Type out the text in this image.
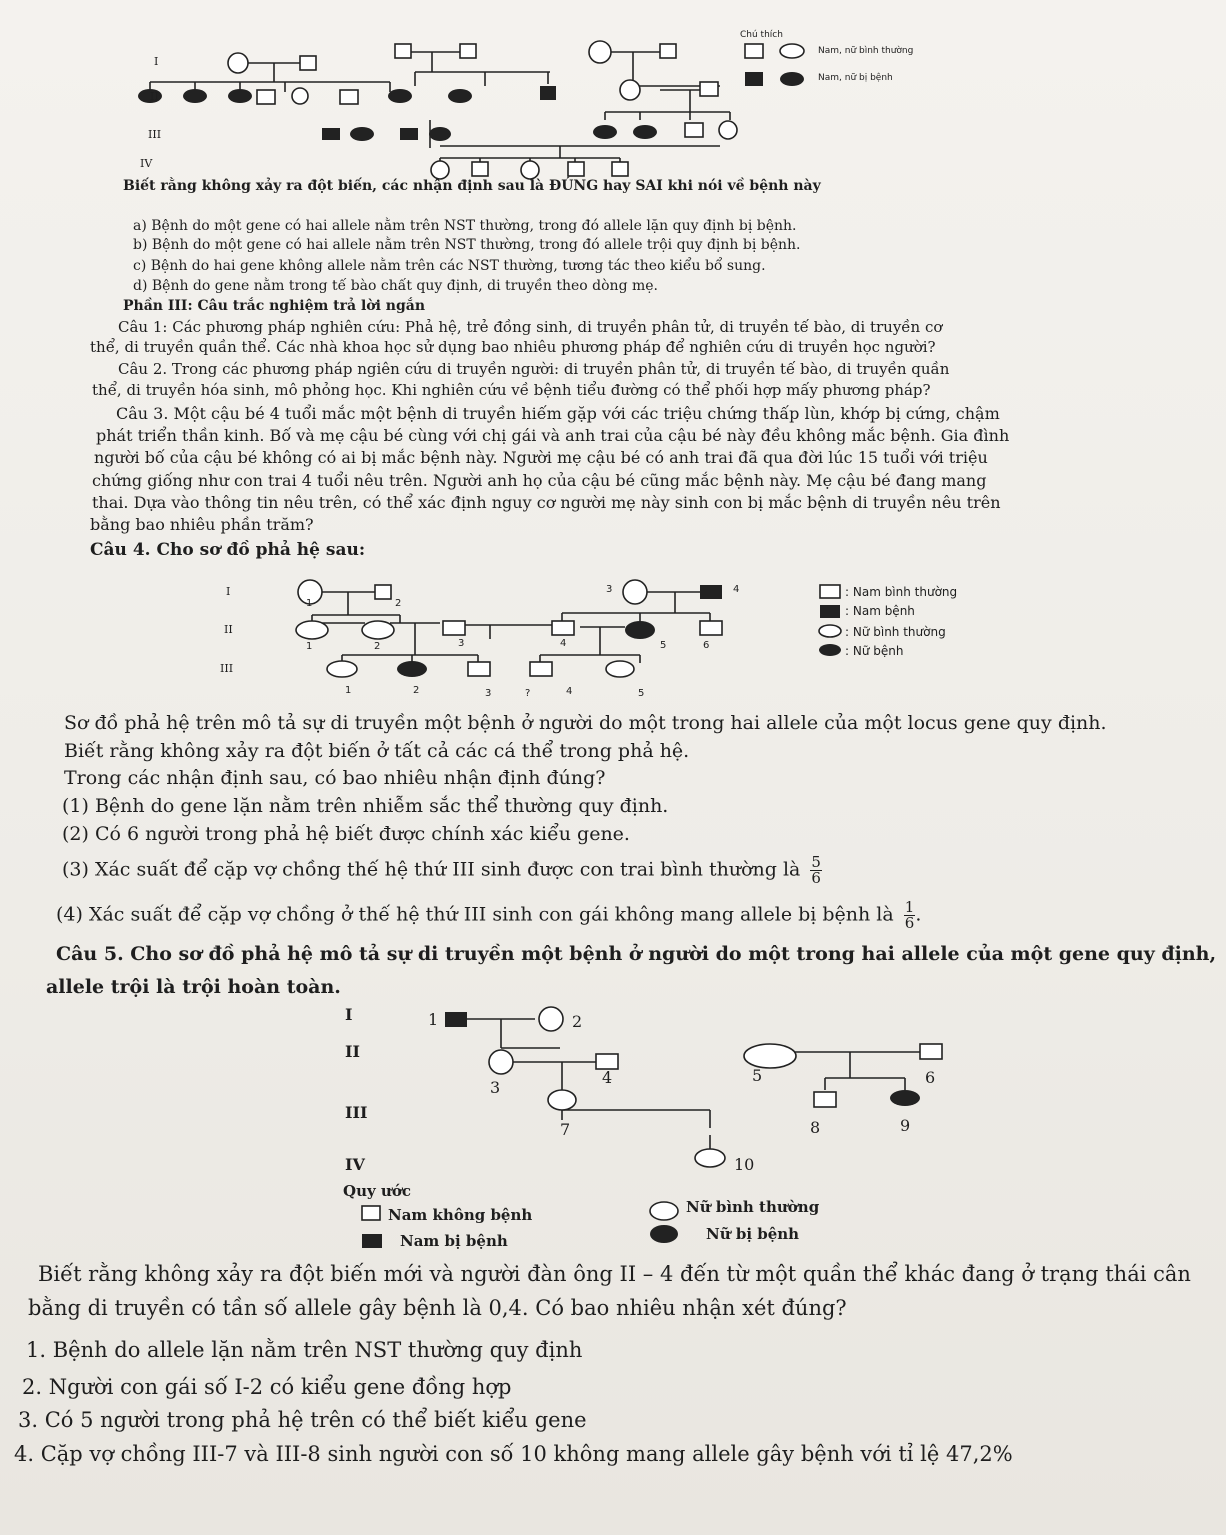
Chú thích
Nam, nữ bình thường
Nam, nữ bị bệnh
I
II
III
IV
Biết rằng không xảy ra đột biến, các nhận định sau là ĐÚNG hay SAI khi nói về bệnh này
a) Bệnh do một gene có hai allele nằm trên NST thường, trong đó allele lặn quy định bị bệnh.
b) Bệnh do một gene có hai allele nằm trên NST thường, trong đó allele trội quy định bị bệnh.
c) Bệnh do hai gene không allele nằm trên các NST thường, tương tác theo kiểu bổ sung.
d) Bệnh do gene nằm trong tế bào chất quy định, di truyền theo dòng mẹ.
Phần III: Câu trắc nghiệm trả lời ngắn
Câu 1: Các phương pháp nghiên cứu: Phả hệ, trẻ đồng sinh, di truyền phân tử, di truyền tế bào, di truyền cơ
thể, di truyền quần thể. Các nhà khoa học sử dụng bao nhiêu phương pháp để nghiên cứu di truyền học người?
Câu 2. Trong các phương pháp ngiên cứu di truyền người: di truyền phân tử, di truyền tế bào, di truyền quần
thể, di truyền hóa sinh, mô phỏng học. Khi nghiên cứu về bệnh tiểu đường có thể phối hợp mấy phương pháp?
Câu 3. Một cậu bé 4 tuổi mắc một bệnh di truyền hiếm gặp với các triệu chứng thấp lùn, khớp bị cứng, chậm
phát triển thần kinh. Bố và mẹ cậu bé cùng với chị gái và anh trai của cậu bé này đều không mắc bệnh. Gia đình
người bố của cậu bé không có ai bị mắc bệnh này. Người mẹ cậu bé có anh trai đã qua đời lúc 15 tuổi với triệu
chứng giống như con trai 4 tuổi nêu trên. Người anh họ của cậu bé cũng mắc bệnh này. Mẹ cậu bé đang mang
thai. Dựa vào thông tin nêu trên, có thể xác định nguy cơ người mẹ này sinh con bị mắc bệnh di truyền nêu trên
bằng bao nhiêu phần trăm?
Câu 4. Cho sơ đồ phả hệ sau:
I
II
III
: Nam bình thường
: Nam bệnh
: Nữ bình thường
: Nữ bệnh
1	2
3	4
1	2	3	4	5	6
1	2	3	?	4	5
Sơ đồ phả hệ trên mô tả sự di truyền một bệnh ở người do một trong hai allele của một locus gene quy định.
Biết rằng không xảy ra đột biến ở tất cả các cá thể trong phả hệ.
Trong các nhận định sau, có bao nhiêu nhận định đúng?
(1) Bệnh do gene lặn nằm trên nhiễm sắc thể thường quy định.
(2) Có 6 người trong phả hệ biết được chính xác kiểu gene.
(3) Xác suất để cặp vợ chồng thế hệ thứ III sinh được con trai bình thường là $\frac{5}{6}$
(4) Xác suất để cặp vợ chồng ở thế hệ thứ III sinh con gái không mang allele bị bệnh là $\frac{1}{6}$ .
Câu 5. Cho sơ đồ phả hệ mô tả sự di truyền một bệnh ở người do một trong hai allele của một gene quy định,
allele trội là trội hoàn toàn.
I
II
III
IV
1	2
3
4	5	6
7	8	9
10
Quy ước
Nam không bệnh	Nữ bình thường
Nam bị bệnh	Nữ bị bệnh
Biết rằng không xảy ra đột biến mới và người đàn ông II – 4 đến từ một quần thể khác đang ở trạng thái cân
bằng di truyền có tần số allele gây bệnh là 0,4. Có bao nhiêu nhận xét đúng?
1. Bệnh do allele lặn nằm trên NST thường quy định
2. Người con gái số I-2 có kiểu gene đồng hợp
3. Có 5 người trong phả hệ trên có thể biết kiểu gene
4. Cặp vợ chồng III-7 và III-8 sinh người con số 10 không mang allele gây bệnh với tỉ lệ 47,2%
